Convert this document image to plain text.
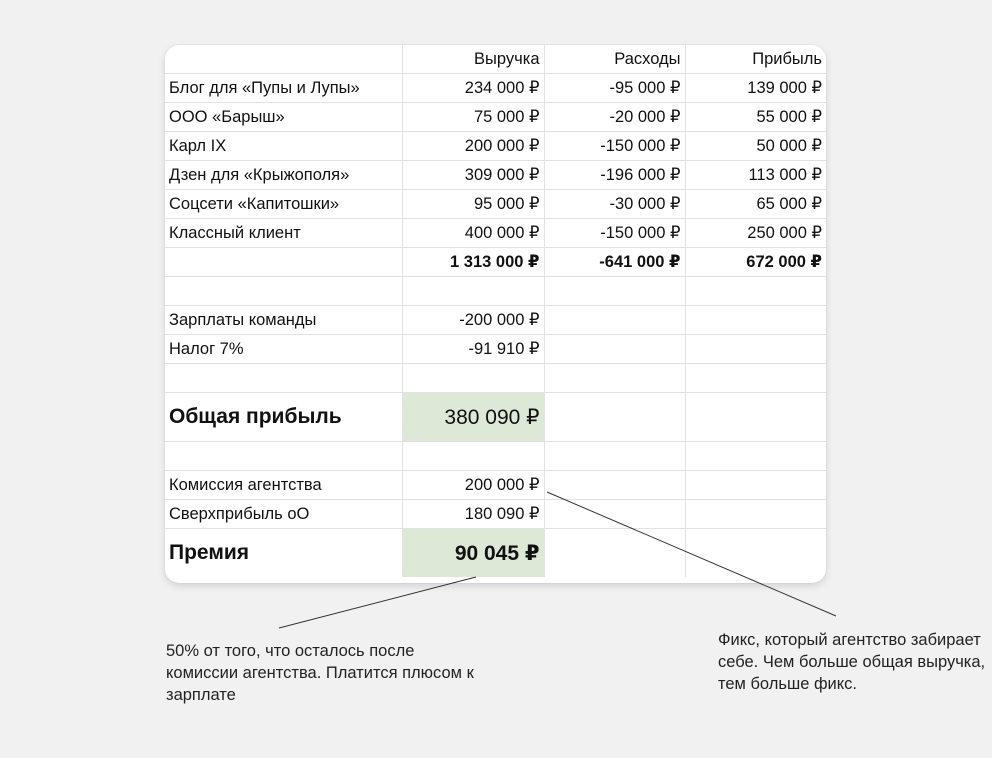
	Выручка	Расходы	Прибыль
Блог для «Пупы и Лупы»	234 000 ₽	-95 000 ₽	139 000 ₽
ООО «Барыш»	75 000 ₽	-20 000 ₽	55 000 ₽
Карл IX	200 000 ₽	-150 000 ₽	50 000 ₽
Дзен для «Крыжополя»	309 000 ₽	-196 000 ₽	113 000 ₽
Соцсети «Капитошки»	95 000 ₽	-30 000 ₽	65 000 ₽
Классный клиент	400 000 ₽	-150 000 ₽	250 000 ₽
	1 313 000 ₽	-641 000 ₽	672 000 ₽

Зарплаты команды	-200 000 ₽		
Налог 7%	-91 910 ₽		

Общая прибыль	380 090 ₽		

Комиссия агентства	200 000 ₽		
Сверхприбыль оО	180 090 ₽		
Премия	90 045 ₽		
50% от того, что осталось после комиссии агентства. Платится плюсом к зарплате
Фикс, который агентство забирает себе. Чем больше общая выручка, тем больше фикс.
